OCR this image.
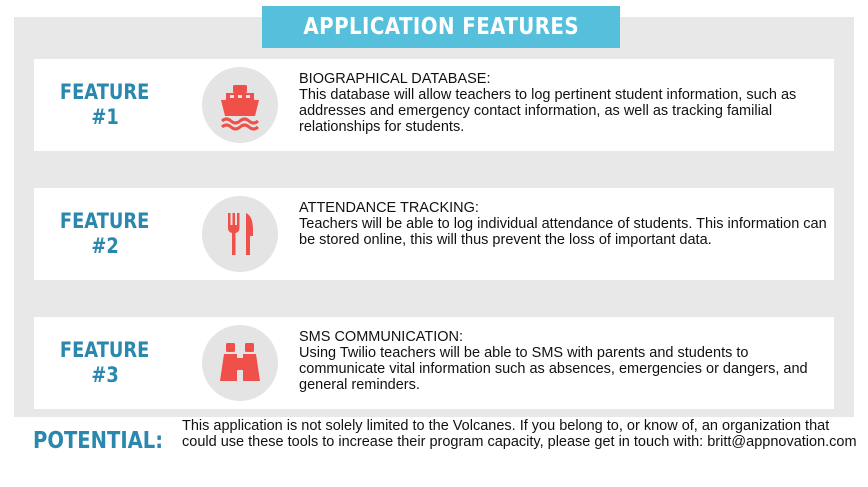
APPLICATION FEATURES
FEATURE
#1
BIOGRAPHICAL DATABASE:
This database will allow teachers to log pertinent student information, such as addresses and emergency contact information, as well as tracking familial relationships for students.
FEATURE
#2
ATTENDANCE TRACKING:
Teachers will be able to log individual attendance of students. This information can be stored online, this will thus prevent the loss of important data.
FEATURE
#3
SMS COMMUNICATION:
Using Twilio teachers will be able to SMS with parents and students to communicate vital information such as absences, emergencies or dangers, and general reminders.
POTENTIAL:
This application is not solely limited to the Volcanes. If you belong to, or know of, an organization that could use these tools to increase their program capacity, please get in touch with: britt@appnovation.com
